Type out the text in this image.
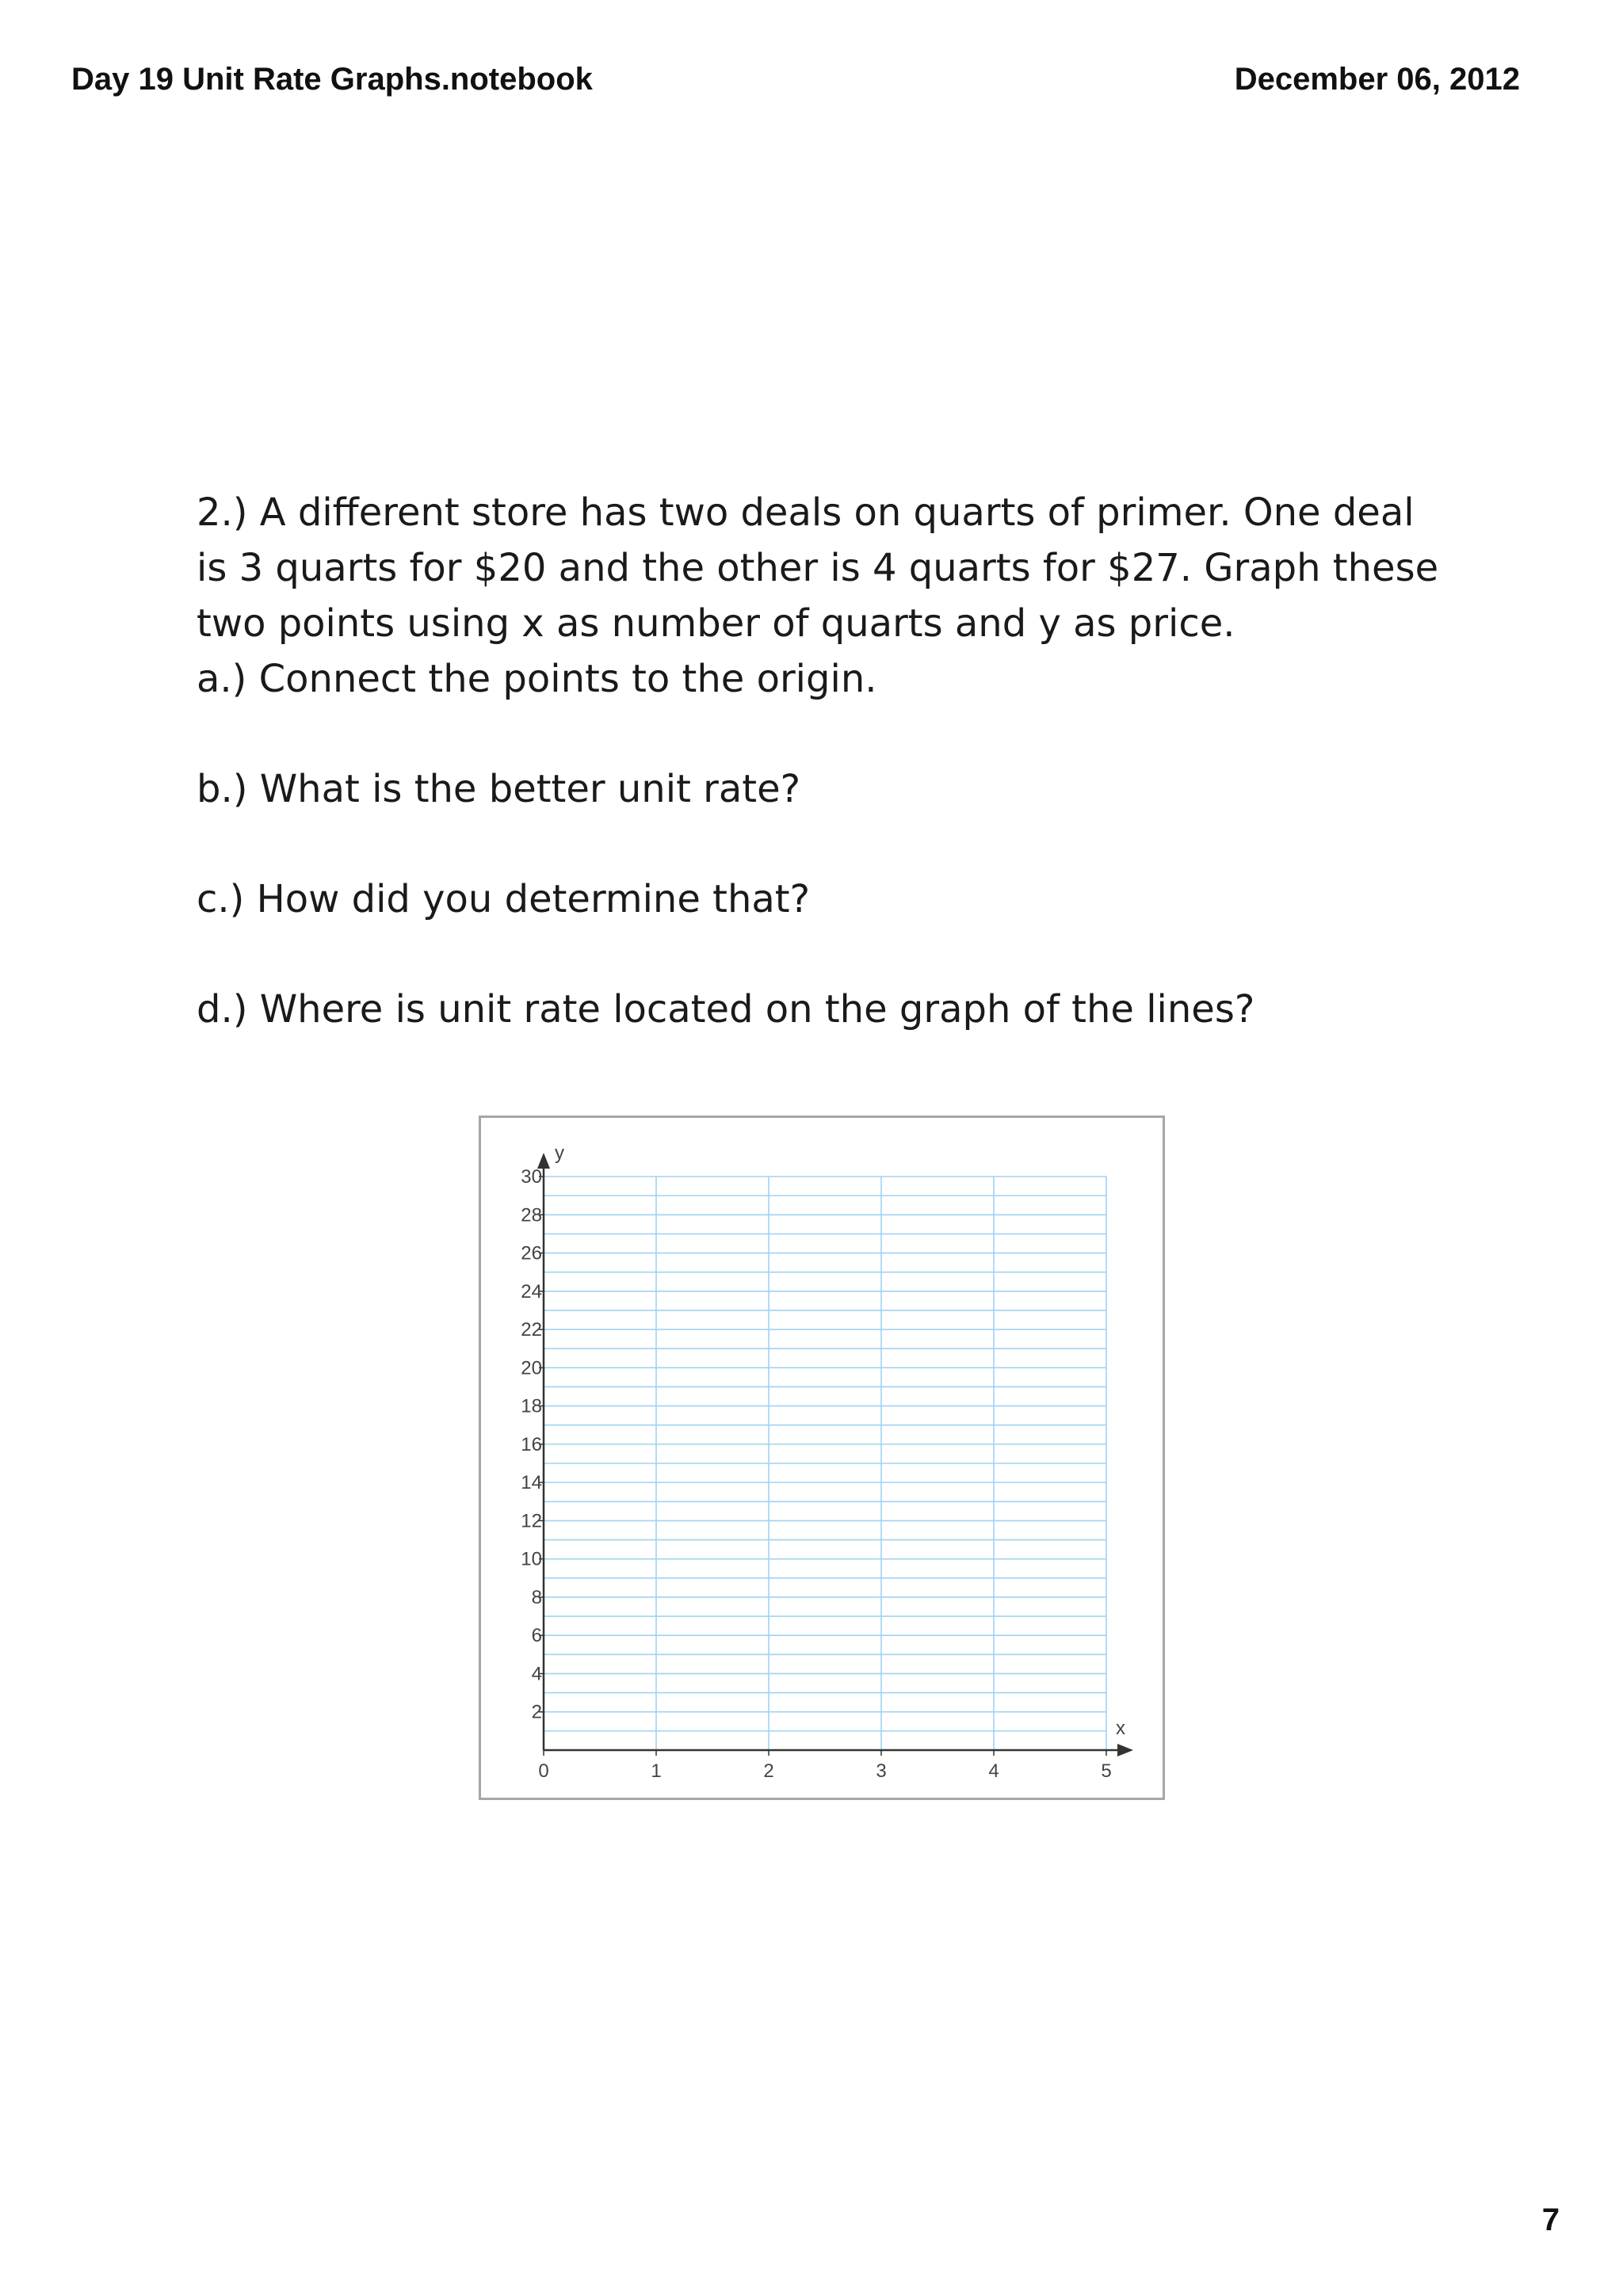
Day 19 Unit Rate Graphs.notebook	December 06, 2012
2.) A different store has two deals on quarts of primer. One deal
is 3 quarts for $20 and the other is 4 quarts for $27. Graph these
two points using x as number of quarts and y as price.
a.) Connect the points to the origin.
b.) What is the better unit rate?
c.) How did you determine that?
d.) Where is unit rate located on the graph of the lines?
2
4
6
8
10
12
14
16
18
20
22
24
26
28
30
0	1	2	3	4	5
y
x
7
